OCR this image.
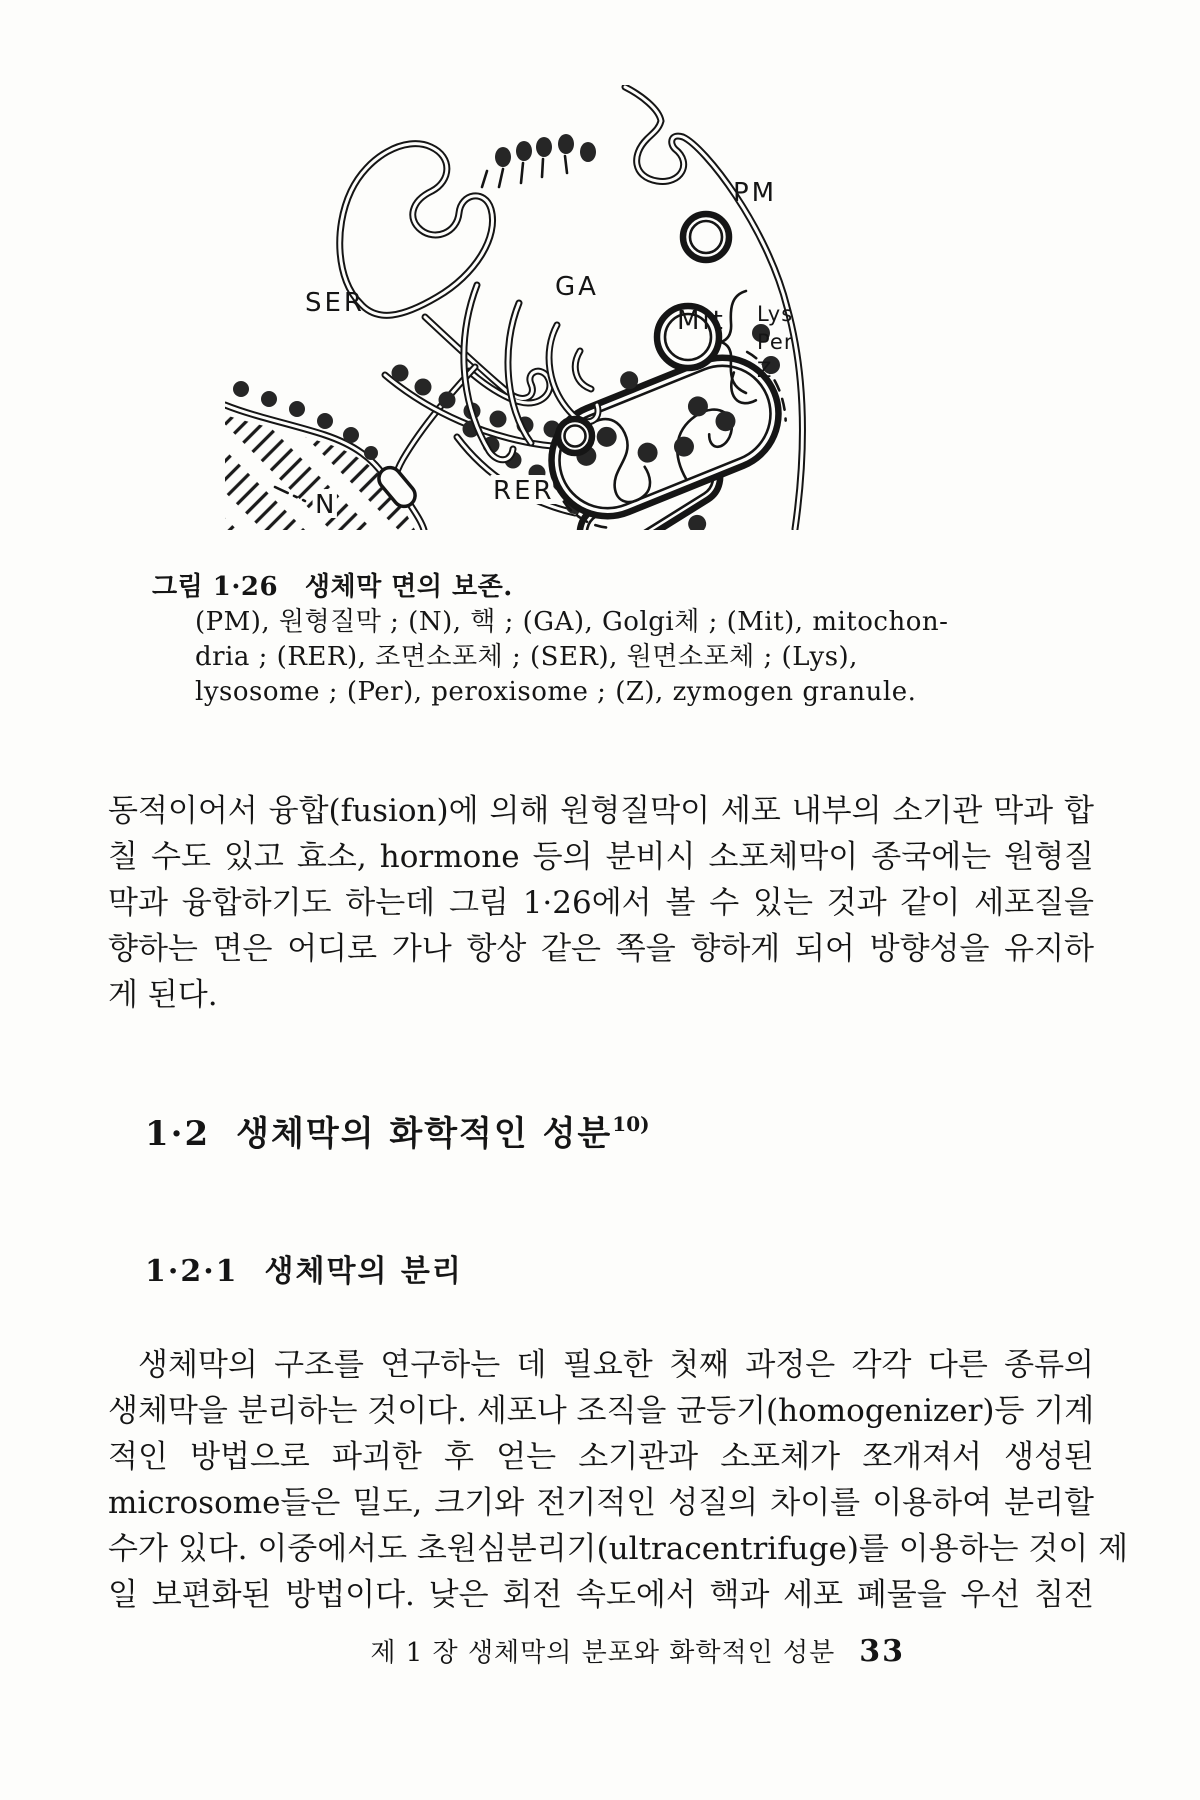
SER
GA
PM
Mit
RER
N
Lys
Per
Z
그림 1·26 생체막 면의 보존.
(PM), 원형질막 ; (N), 핵 ; (GA), Golgi체 ; (Mit), mitochon-
dria ; (RER), 조면소포체 ; (SER), 원면소포체 ; (Lys),
lysosome ; (Per), peroxisome ; (Z), zymogen granule.
동적이어서 융합(fusion)에 의해 원형질막이 세포 내부의 소기관 막과 합
칠 수도 있고 효소, hormone 등의 분비시 소포체막이 종국에는 원형질
막과 융합하기도 하는데 그림 1·26에서 볼 수 있는 것과 같이 세포질을
향하는 면은 어디로 가나 항상 같은 쪽을 향하게 되어 방향성을 유지하
게 된다.
1·2 생체막의 화학적인 성분$^{10)}$
1·2·1 생체막의 분리
생체막의 구조를 연구하는 데 필요한 첫째 과정은 각각 다른 종류의
생체막을 분리하는 것이다. 세포나 조직을 균등기(homogenizer)등 기계
적인 방법으로 파괴한 후 얻는 소기관과 소포체가 쪼개져서 생성된
microsome들은 밀도, 크기와 전기적인 성질의 차이를 이용하여 분리할
수가 있다. 이중에서도 초원심분리기(ultracentrifuge)를 이용하는 것이 제
일 보편화된 방법이다. 낮은 회전 속도에서 핵과 세포 폐물을 우선 침전
제 1 장 생체막의 분포와 화학적인 성분 33
